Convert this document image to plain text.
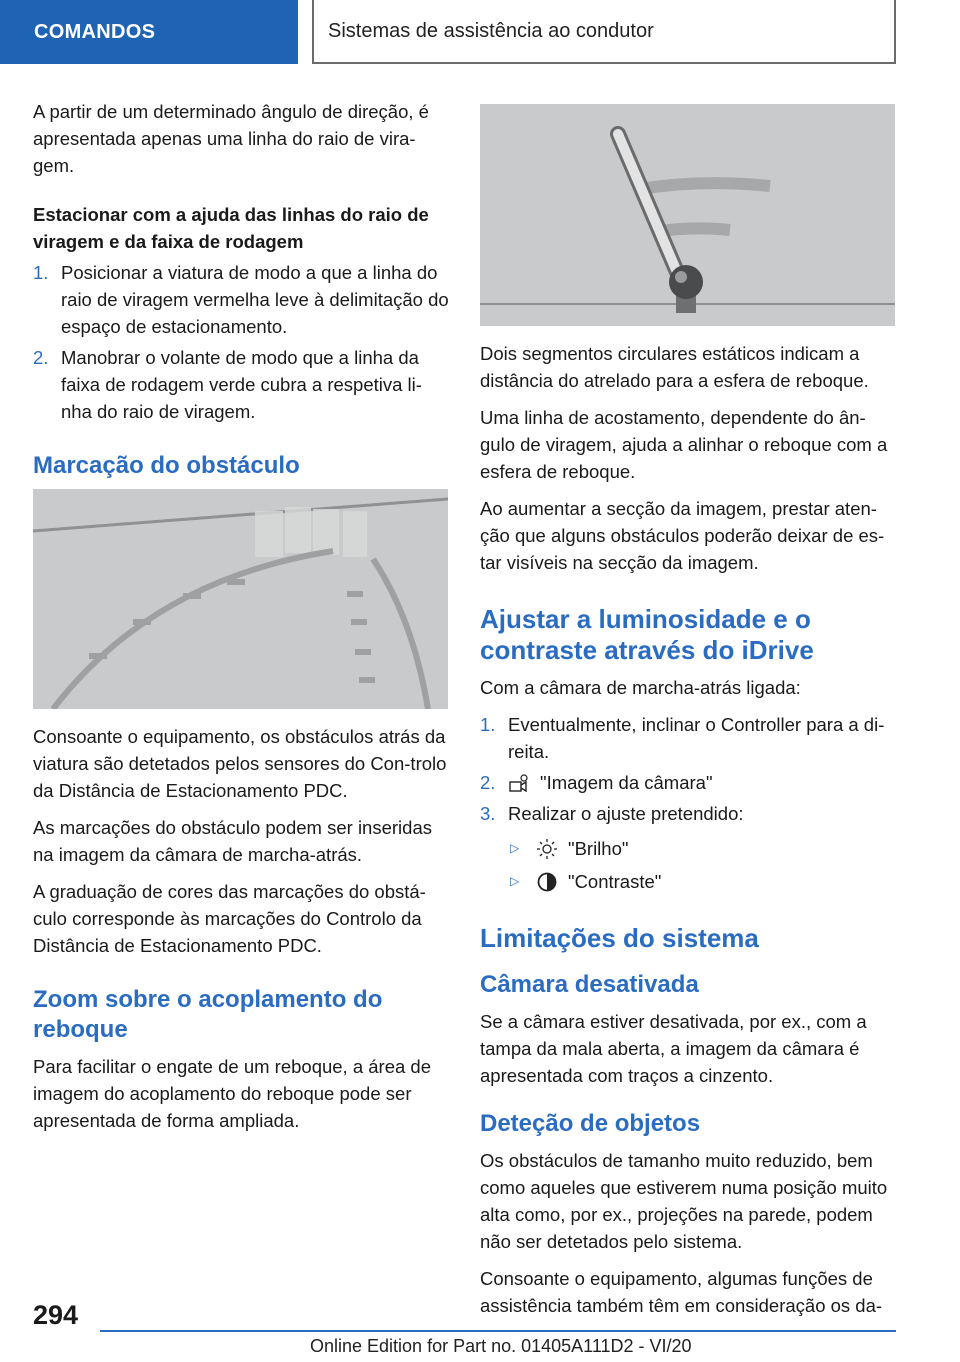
COMANDOS	Sistemas de assistência ao condutor

A partir de um determinado ângulo de direção, é apresentada apenas uma linha do raio de vira-gem.

Estacionar com a ajuda das linhas do raio de viragem e da faixa de rodagem
1. Posicionar a viatura de modo a que a linha do raio de viragem vermelha leve à delimitação do espaço de estacionamento.
2. Manobrar o volante de modo que a linha da faixa de rodagem verde cubra a respetiva li-nha do raio de viragem.
Marcação do obstáculo

Consoante o equipamento, os obstáculos atrás da viatura são detetados pelos sensores do Con-trolo da Distância de Estacionamento PDC.

As marcações do obstáculo podem ser inseridas na imagem da câmara de marcha-atrás.

A graduação de cores das marcações do obstá-culo corresponde às marcações do Controlo da Distância de Estacionamento PDC.

Zoom sobre o acoplamento do reboque

Para facilitar o engate de um reboque, a área de imagem do acoplamento do reboque pode ser apresentada de forma ampliada.

Dois segmentos circulares estáticos indicam a distância do atrelado para a esfera de reboque.

Uma linha de acostamento, dependente do ân-gulo de viragem, ajuda a alinhar o reboque com a esfera de reboque.

Ao aumentar a secção da imagem, prestar aten-ção que alguns obstáculos poderão deixar de es-tar visíveis na secção da imagem.

Ajustar a luminosidade e o contraste através do iDrive

Com a câmara de marcha-atrás ligada:

1. Eventualmente, inclinar o Controller para a di-reita.
2. "Imagem da câmara"
3. Realizar o ajuste pretendido:
▷	"Brilho"
▷	"Contraste"
Limitações do sistema
Câmara desativada

Se a câmara estiver desativada, por ex., com a tampa da mala aberta, a imagem da câmara é apresentada com traços a cinzento.

Deteção de objetos

Os obstáculos de tamanho muito reduzido, bem como aqueles que estiverem numa posição muito alta como, por ex., projeções na parede, podem não ser detetados pelo sistema.

Consoante o equipamento, algumas funções de assistência também têm em consideração os da-

294
Online Edition for Part no. 01405A111D2 - VI/20
